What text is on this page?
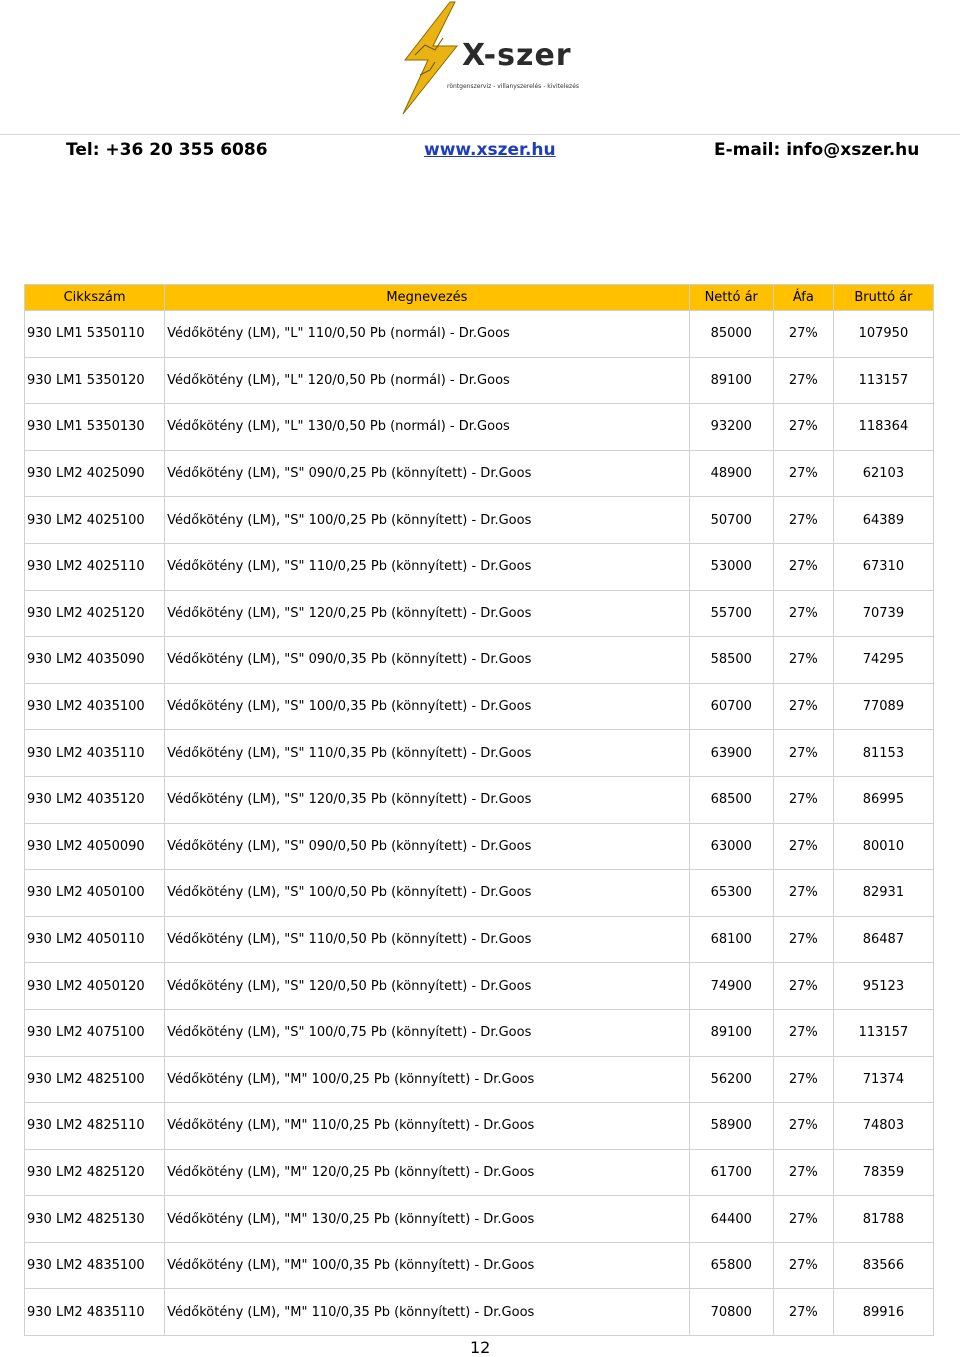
X-szer
röntgenszerviz - villanyszerelés - kivitelezés
Tel: +36 20 355 6086	www.xszer.hu	E-mail: info@xszer.hu
Cikkszám	Megnevezés	Nettó ár	Áfa	Bruttó ár
930 LM1 5350110	Védőkötény (LM), "L" 110/0,50 Pb (normál) - Dr.Goos	85000	27%	107950
930 LM1 5350120	Védőkötény (LM), "L" 120/0,50 Pb (normál) - Dr.Goos	89100	27%	113157
930 LM1 5350130	Védőkötény (LM), "L" 130/0,50 Pb (normál) - Dr.Goos	93200	27%	118364
930 LM2 4025090	Védőkötény (LM), "S" 090/0,25 Pb (könnyített) - Dr.Goos	48900	27%	62103
930 LM2 4025100	Védőkötény (LM), "S" 100/0,25 Pb (könnyített) - Dr.Goos	50700	27%	64389
930 LM2 4025110	Védőkötény (LM), "S" 110/0,25 Pb (könnyített) - Dr.Goos	53000	27%	67310
930 LM2 4025120	Védőkötény (LM), "S" 120/0,25 Pb (könnyített) - Dr.Goos	55700	27%	70739
930 LM2 4035090	Védőkötény (LM), "S" 090/0,35 Pb (könnyített) - Dr.Goos	58500	27%	74295
930 LM2 4035100	Védőkötény (LM), "S" 100/0,35 Pb (könnyített) - Dr.Goos	60700	27%	77089
930 LM2 4035110	Védőkötény (LM), "S" 110/0,35 Pb (könnyített) - Dr.Goos	63900	27%	81153
930 LM2 4035120	Védőkötény (LM), "S" 120/0,35 Pb (könnyített) - Dr.Goos	68500	27%	86995
930 LM2 4050090	Védőkötény (LM), "S" 090/0,50 Pb (könnyített) - Dr.Goos	63000	27%	80010
930 LM2 4050100	Védőkötény (LM), "S" 100/0,50 Pb (könnyített) - Dr.Goos	65300	27%	82931
930 LM2 4050110	Védőkötény (LM), "S" 110/0,50 Pb (könnyített) - Dr.Goos	68100	27%	86487
930 LM2 4050120	Védőkötény (LM), "S" 120/0,50 Pb (könnyített) - Dr.Goos	74900	27%	95123
930 LM2 4075100	Védőkötény (LM), "S" 100/0,75 Pb (könnyített) - Dr.Goos	89100	27%	113157
930 LM2 4825100	Védőkötény (LM), "M" 100/0,25 Pb (könnyített) - Dr.Goos	56200	27%	71374
930 LM2 4825110	Védőkötény (LM), "M" 110/0,25 Pb (könnyített) - Dr.Goos	58900	27%	74803
930 LM2 4825120	Védőkötény (LM), "M" 120/0,25 Pb (könnyített) - Dr.Goos	61700	27%	78359
930 LM2 4825130	Védőkötény (LM), "M" 130/0,25 Pb (könnyített) - Dr.Goos	64400	27%	81788
930 LM2 4835100	Védőkötény (LM), "M" 100/0,35 Pb (könnyített) - Dr.Goos	65800	27%	83566
930 LM2 4835110	Védőkötény (LM), "M" 110/0,35 Pb (könnyített) - Dr.Goos	70800	27%	89916
12
